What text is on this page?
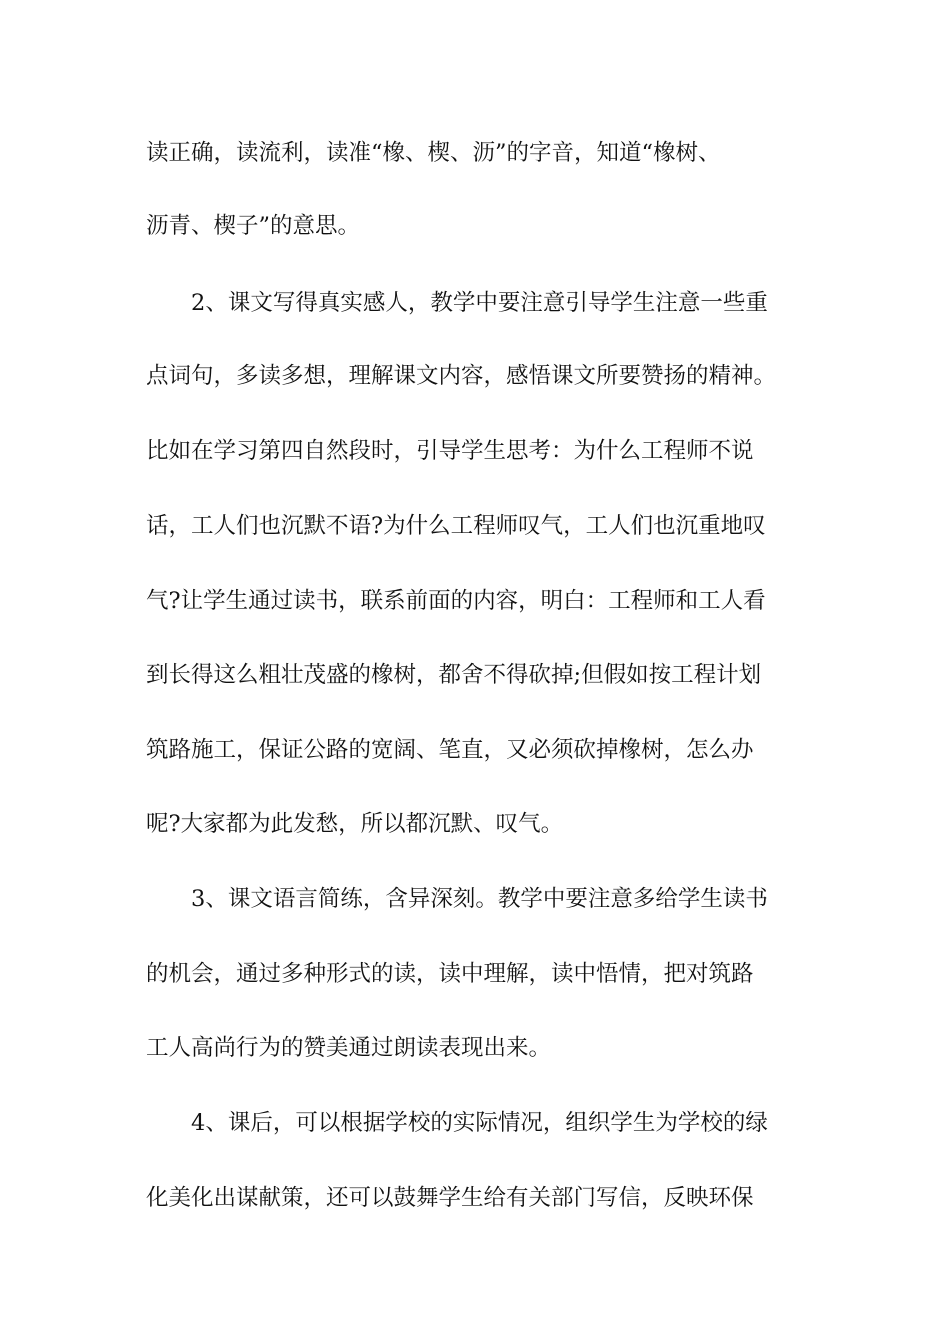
读正确，读流利，读准“橡、楔、沥”的字音，知道“橡树、
沥青、楔子”的意思。
2、课文写得真实感人，教学中要注意引导学生注意一些重
点词句，多读多想，理解课文内容，感悟课文所要赞扬的精神。
比如在学习第四自然段时，引导学生思考：为什么工程师不说
话，工人们也沉默不语?为什么工程师叹气，工人们也沉重地叹
气?让学生通过读书，联系前面的内容，明白：工程师和工人看
到长得这么粗壮茂盛的橡树，都舍不得砍掉;但假如按工程计划
筑路施工，保证公路的宽阔、笔直，又必须砍掉橡树，怎么办
呢?大家都为此发愁，所以都沉默、叹气。
3、课文语言简练，含异深刻。教学中要注意多给学生读书
的机会，通过多种形式的读，读中理解，读中悟情，把对筑路
工人高尚行为的赞美通过朗读表现出来。
4、课后，可以根据学校的实际情况，组织学生为学校的绿
化美化出谋献策，还可以鼓舞学生给有关部门写信，反映环保
